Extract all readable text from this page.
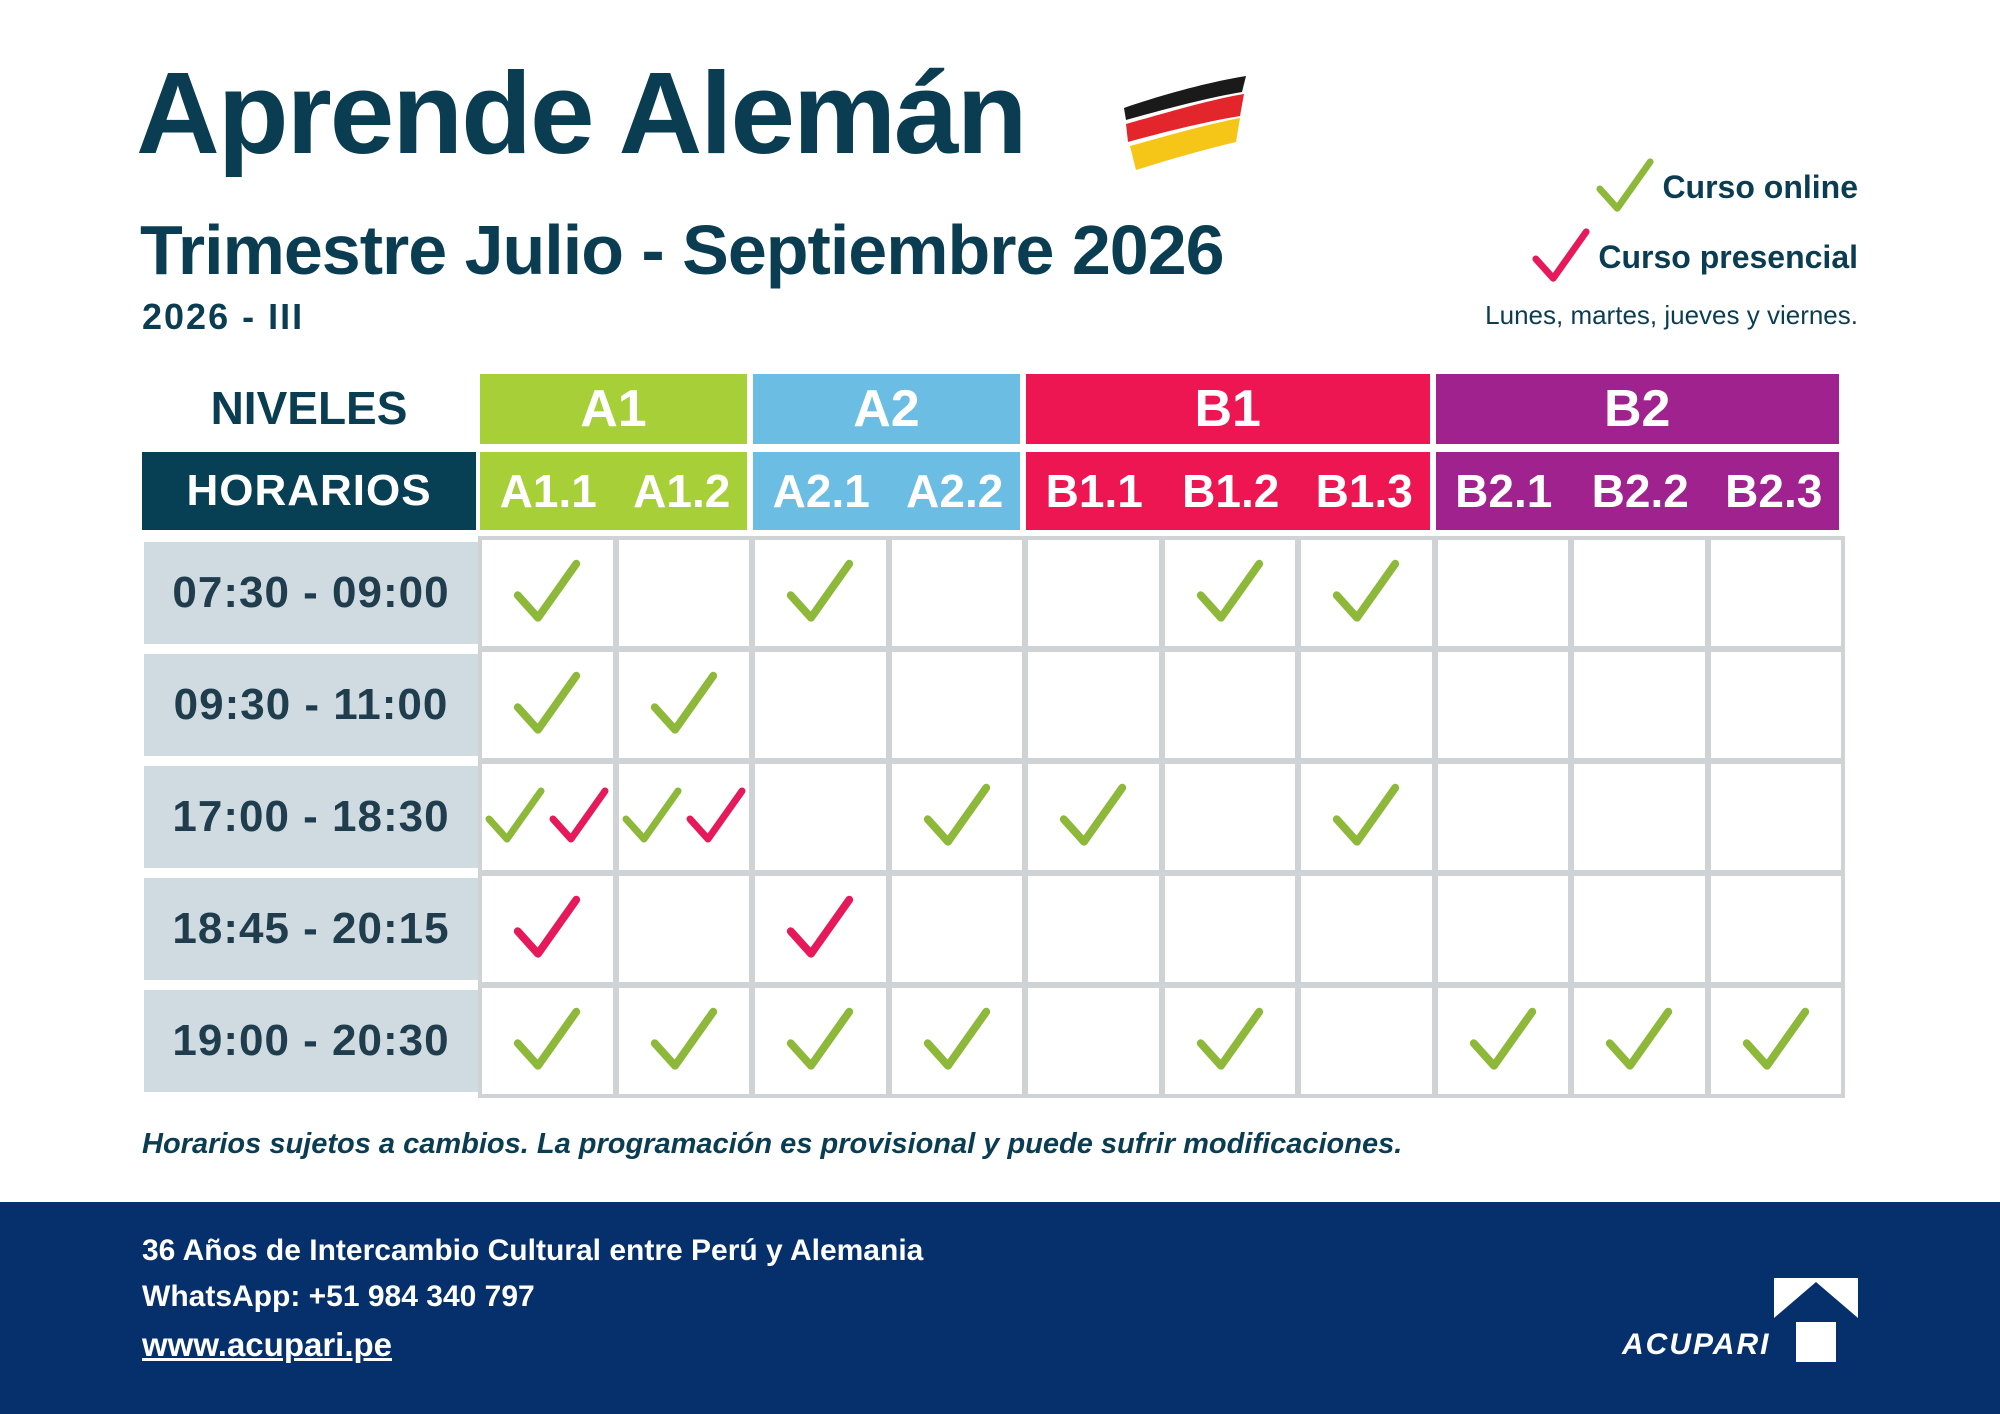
Aprende Alemán
Trimestre Julio - Septiembre 2026
2026 - III
Curso online
Curso presencial
Lunes, martes, jueves y viernes.
NIVELES
HORARIOS
A1
A1.1 A1.2
A2
A2.1 A2.2
B1
B1.1 B1.2 B1.3
B2
B2.1 B2.2 B2.3
07:30 - 09:00
09:30 - 11:00
17:00 - 18:30
18:45 - 20:15
19:00 - 20:30
Horarios sujetos a cambios. La programación es provisional y puede sufrir modificaciones.
36 Años de Intercambio Cultural entre Perú y Alemania
WhatsApp: +51 984 340 797
www.acupari.pe	ACUPARI
